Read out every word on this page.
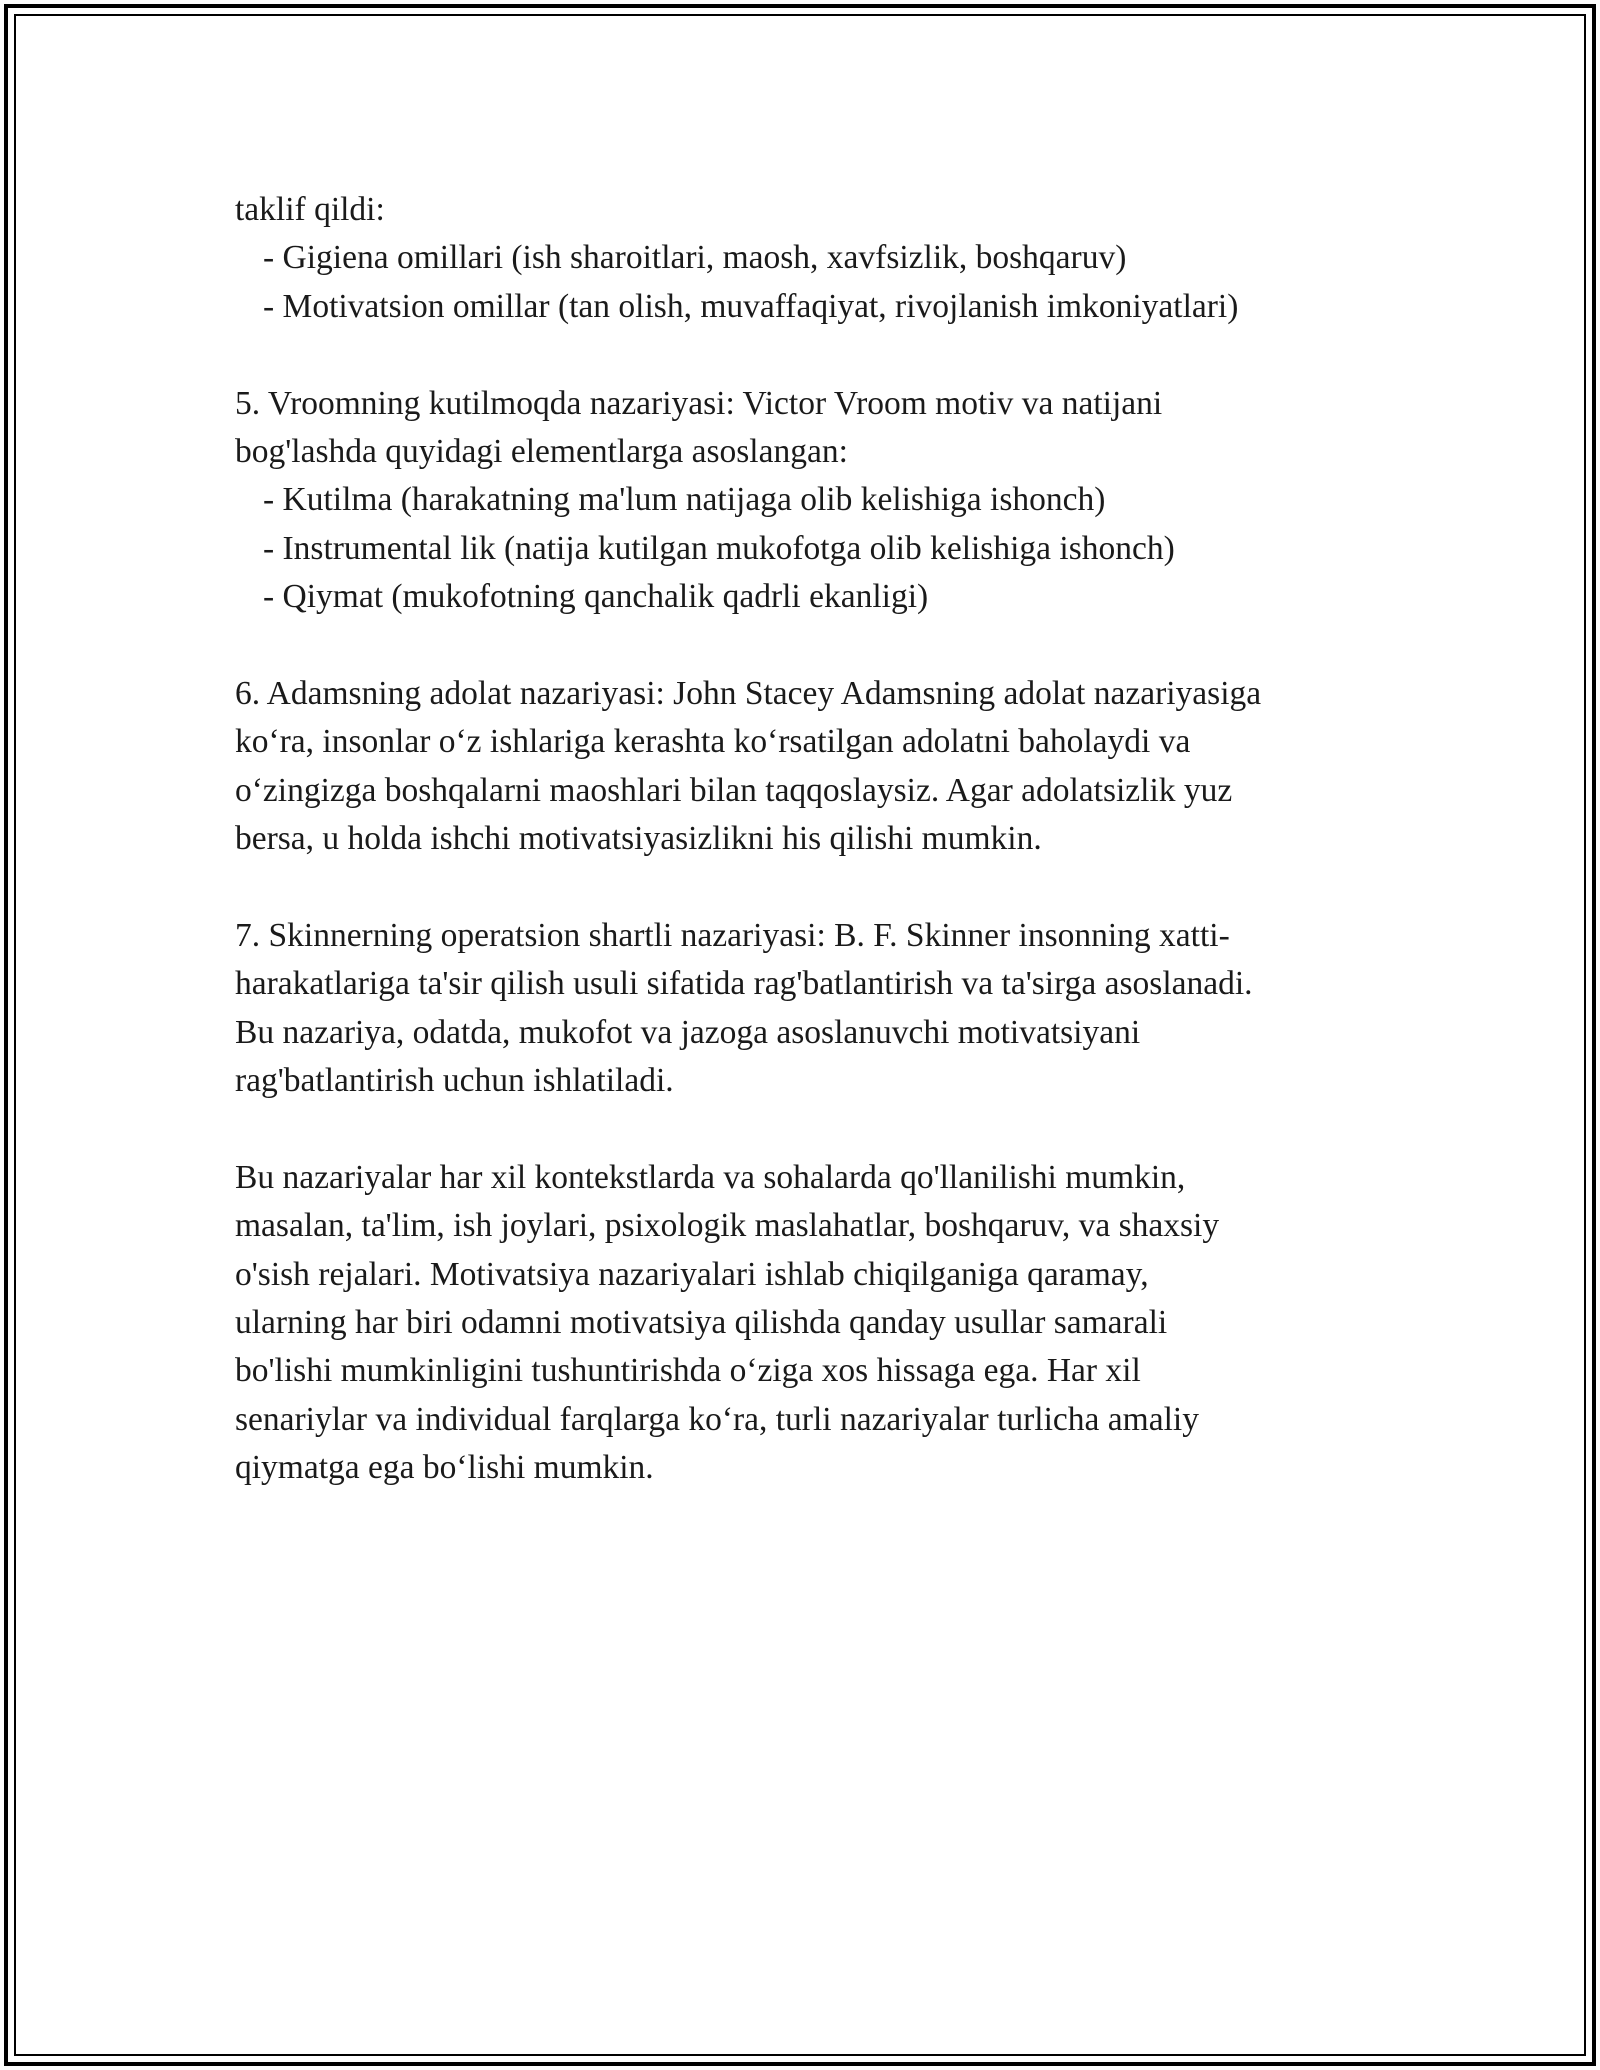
taklif qildi:
- Gigiena omillari (ish sharoitlari, maosh, xavfsizlik, boshqaruv)
- Motivatsion omillar (tan olish, muvaffaqiyat, rivojlanish imkoniyatlari)
5. Vroomning kutilmoqda nazariyasi: Victor Vroom motiv va natijani
bog'lashda quyidagi elementlarga asoslangan:
- Kutilma (harakatning ma'lum natijaga olib kelishiga ishonch)
- Instrumental lik (natija kutilgan mukofotga olib kelishiga ishonch)
- Qiymat (mukofotning qanchalik qadrli ekanligi)
6. Adamsning adolat nazariyasi: John Stacey Adamsning adolat nazariyasiga
ko‘ra, insonlar o‘z ishlariga kerashta ko‘rsatilgan adolatni baholaydi va
o‘zingizga boshqalarni maoshlari bilan taqqoslaysiz. Agar adolatsizlik yuz
bersa, u holda ishchi motivatsiyasizlikni his qilishi mumkin.
7. Skinnerning operatsion shartli nazariyasi: B. F. Skinner insonning xatti-
harakatlariga ta'sir qilish usuli sifatida rag'batlantirish va ta'sirga asoslanadi.
Bu nazariya, odatda, mukofot va jazoga asoslanuvchi motivatsiyani
rag'batlantirish uchun ishlatiladi.
Bu nazariyalar har xil kontekstlarda va sohalarda qo'llanilishi mumkin,
masalan, ta'lim, ish joylari, psixologik maslahatlar, boshqaruv, va shaxsiy
o'sish rejalari. Motivatsiya nazariyalari ishlab chiqilganiga qaramay,
ularning har biri odamni motivatsiya qilishda qanday usullar samarali
bo'lishi mumkinligini tushuntirishda o‘ziga xos hissaga ega. Har xil
senariylar va individual farqlarga ko‘ra, turli nazariyalar turlicha amaliy
qiymatga ega bo‘lishi mumkin.
